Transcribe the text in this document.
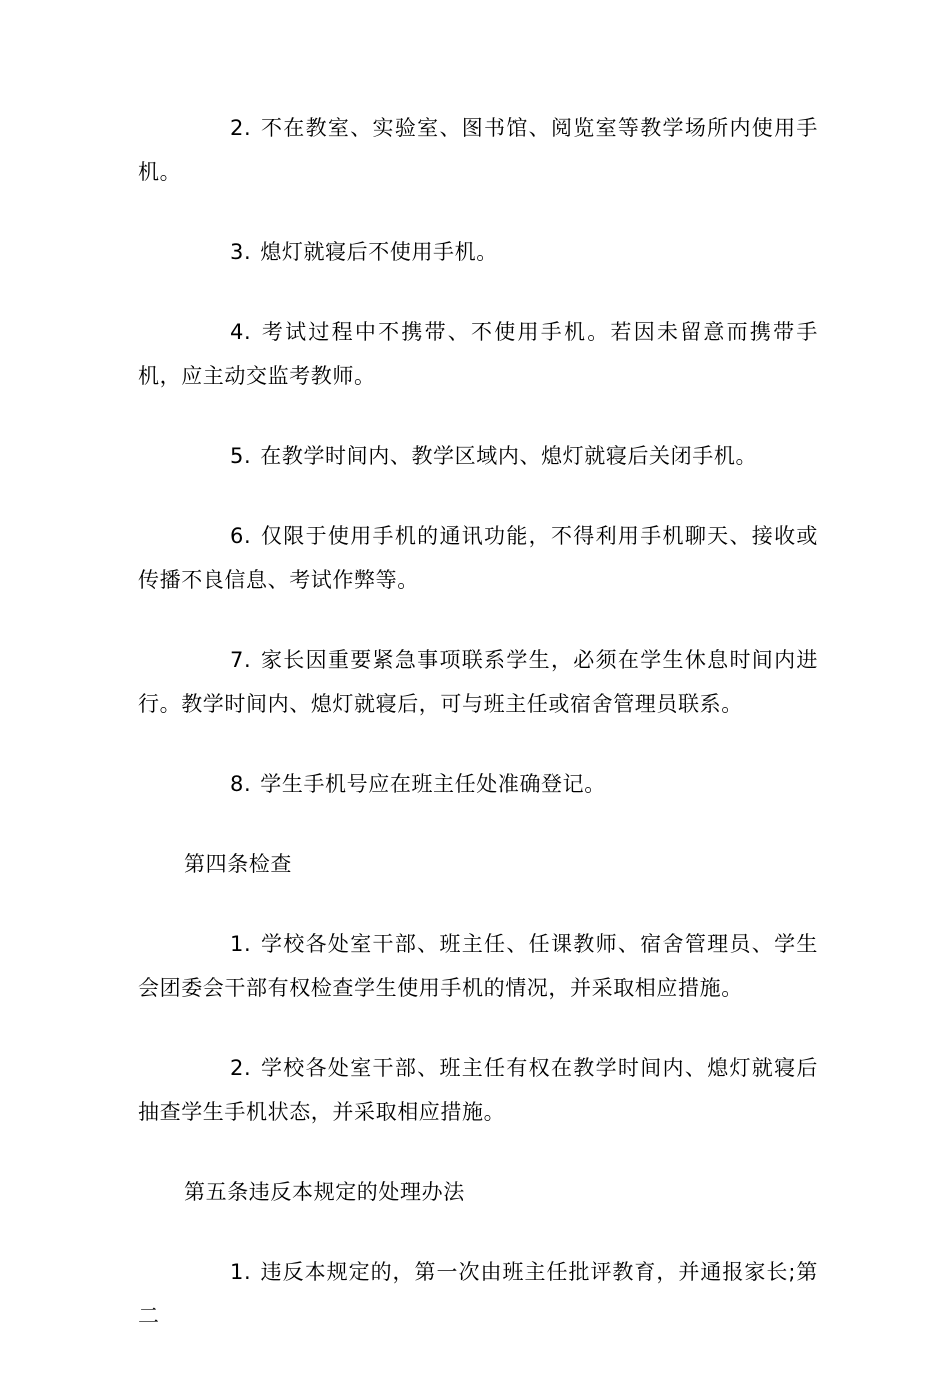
2. 不在教室、实验室、图书馆、阅览室等教学场所内使用手机。

3. 熄灯就寝后不使用手机。

4. 考试过程中不携带、不使用手机。若因未留意而携带手机，应主动交监考教师。

5. 在教学时间内、教学区域内、熄灯就寝后关闭手机。

6. 仅限于使用手机的通讯功能，不得利用手机聊天、接收或传播不良信息、考试作弊等。

7. 家长因重要紧急事项联系学生，必须在学生休息时间内进行。教学时间内、熄灯就寝后，可与班主任或宿舍管理员联系。

8. 学生手机号应在班主任处准确登记。

第四条检查

1. 学校各处室干部、班主任、任课教师、宿舍管理员、学生会团委会干部有权检查学生使用手机的情况，并采取相应措施。

2. 学校各处室干部、班主任有权在教学时间内、熄灯就寝后抽查学生手机状态，并采取相应措施。

第五条违反本规定的处理办法

1. 违反本规定的，第一次由班主任批评教育，并通报家长;第二
